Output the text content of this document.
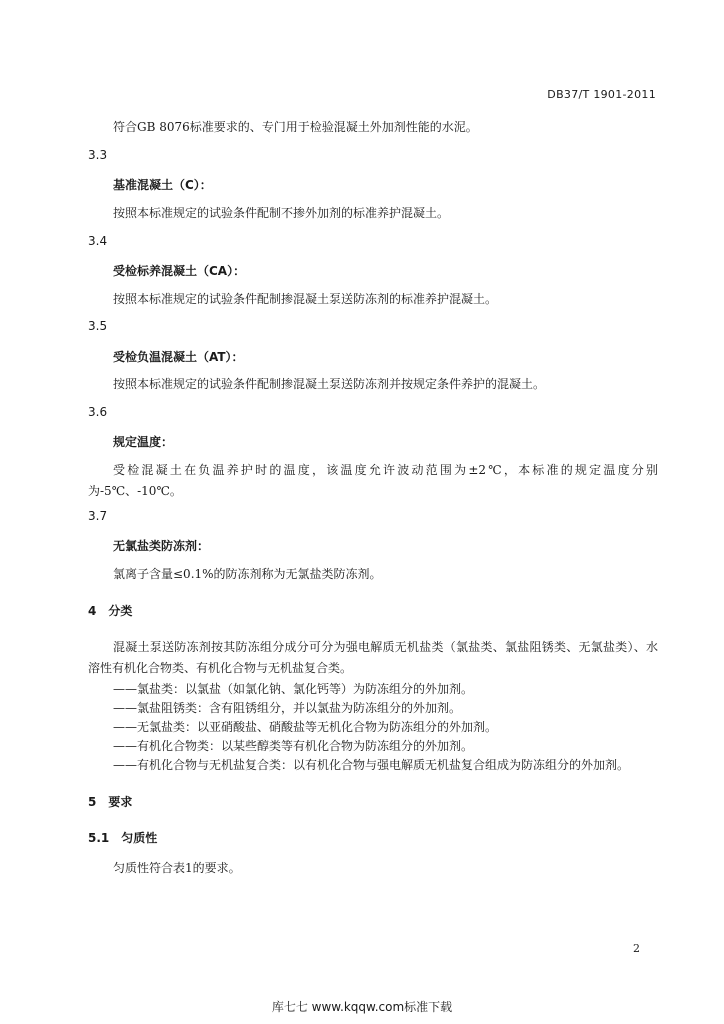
DB37/T 1901-2011
符合GB 8076标准要求的、专门用于检验混凝土外加剂性能的水泥。
3.3
基准混凝土（C）：
按照本标准规定的试验条件配制不掺外加剂的标准养护混凝土。
3.4
受检标养混凝土（CA）：
按照本标准规定的试验条件配制掺混凝土泵送防冻剂的标准养护混凝土。
3.5
受检负温混凝土（AT）：
按照本标准规定的试验条件配制掺混凝土泵送防冻剂并按规定条件养护的混凝土。
3.6
规定温度：
受检混凝土在负温养护时的温度，该温度允许波动范围为±2℃，本标准的规定温度分别为-5℃、-10℃。
3.7
无氯盐类防冻剂：
氯离子含量≤0.1%的防冻剂称为无氯盐类防冻剂。
4　分类
混凝土泵送防冻剂按其防冻组分成分可分为强电解质无机盐类（氯盐类、氯盐阻锈类、无氯盐类）、水溶性有机化合物类、有机化合物与无机盐复合类。
——氯盐类：以氯盐（如氯化钠、氯化钙等）为防冻组分的外加剂。
——氯盐阻锈类：含有阻锈组分，并以氯盐为防冻组分的外加剂。
——无氯盐类：以亚硝酸盐、硝酸盐等无机化合物为防冻组分的外加剂。
——有机化合物类：以某些醇类等有机化合物为防冻组分的外加剂。
——有机化合物与无机盐复合类：以有机化合物与强电解质无机盐复合组成为防冻组分的外加剂。
5　要求
5.1　匀质性
匀质性符合表1的要求。
2
库七七 www.kqqw.com标准下载
